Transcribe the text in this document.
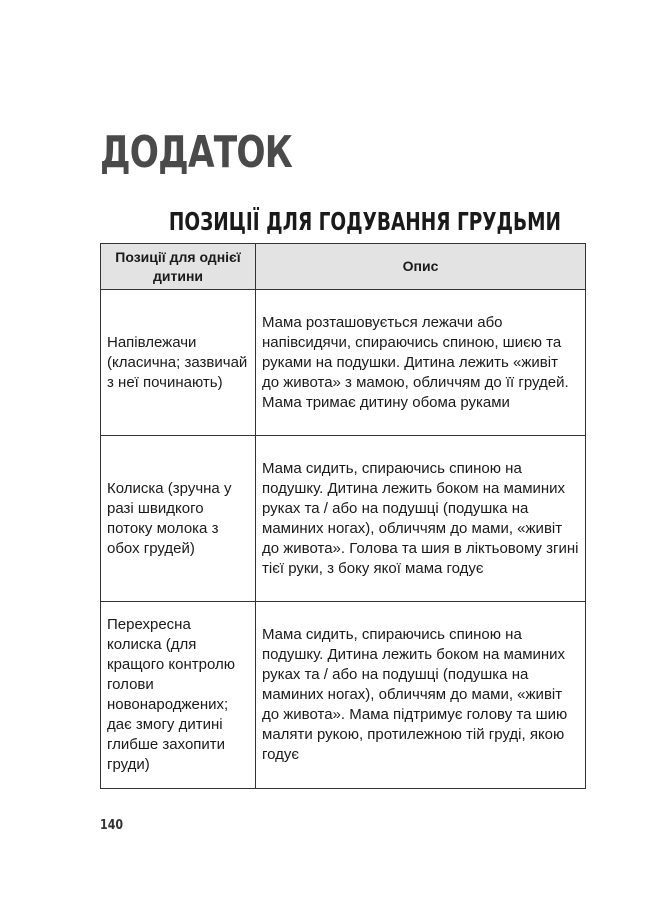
ДОДАТОК
ПОЗИЦІЇ ДЛЯ ГОДУВАННЯ ГРУДЬМИ
Позиції для однієї дитини	Опис
Напівлежачи (класична; зазвичай з неї починають)	Мама розташовується лежачи або напівсидячи, спираючись спиною, шиєю та руками на подушки. Дитина лежить «живіт до живота» з мамою, обличчям до її грудей. Мама тримає дитину обома руками
Колиска (зручна у разі швидкого потоку молока з обох грудей)	Мама сидить, спираючись спиною на подушку. Дитина лежить боком на маминих руках та / або на подушці (подушка на маминих ногах), обличчям до мами, «живіт до живота». Голова та шия в ліктьовому згині тієї руки, з боку якої мама годує
Перехресна колиска (для кращого контролю голови новонароджених; дає змогу дитині глибше захопити груди)	Мама сидить, спираючись спиною на подушку. Дитина лежить боком на маминих руках та / або на подушці (подушка на маминих ногах), обличчям до мами, «живіт до живота». Мама підтримує голову та шию маляти рукою, протилежною тій груді, якою годує
140
